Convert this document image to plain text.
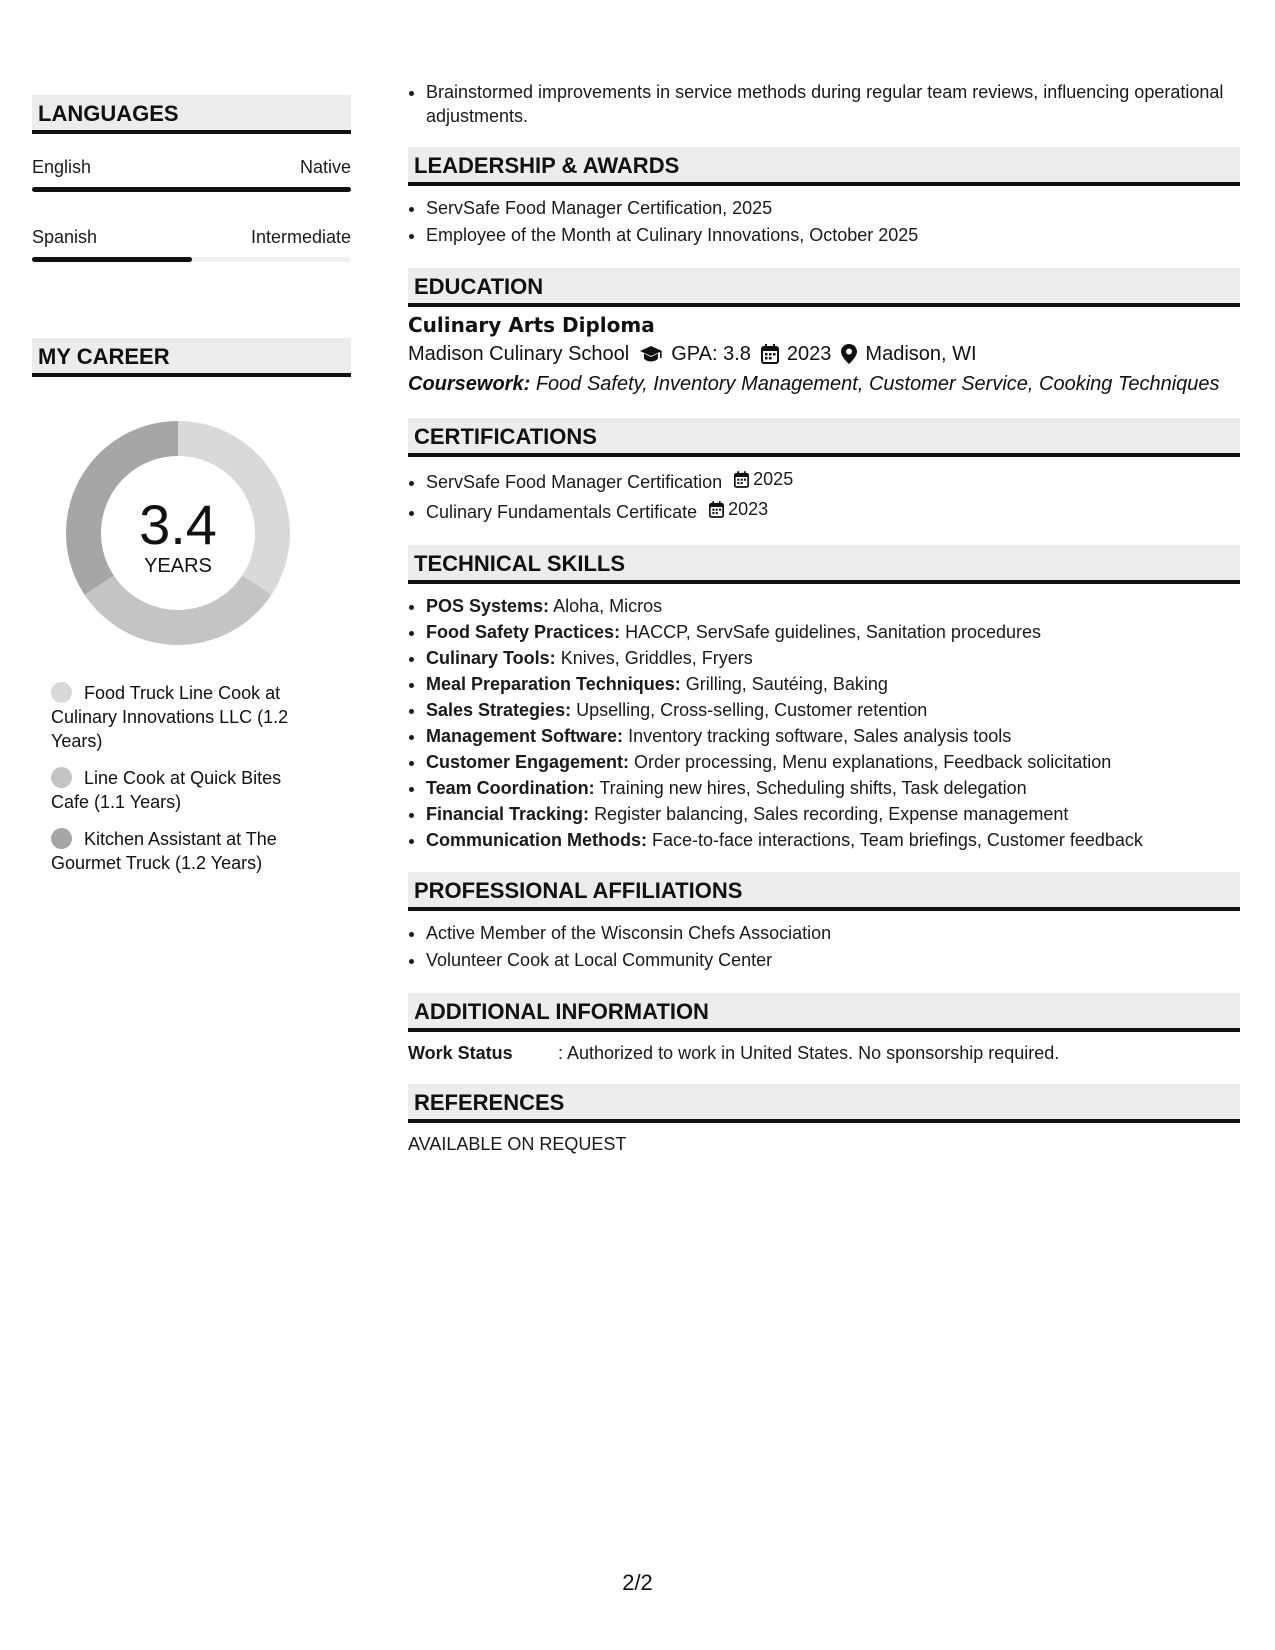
LANGUAGES
English	Native
Spanish	Intermediate
MY CAREER
3.4
YEARS
Food Truck Line Cook at Culinary Innovations LLC (1.2 Years)
Line Cook at Quick Bites Cafe (1.1 Years)
Kitchen Assistant at The Gourmet Truck (1.2 Years)
• Brainstormed improvements in service methods during regular team reviews, influencing operational adjustments.
LEADERSHIP & AWARDS
• ServSafe Food Manager Certification, 2025
• Employee of the Month at Culinary Innovations, October 2025
EDUCATION
Culinary Arts Diploma
Madison Culinary School GPA: 3.8 2023 Madison, WI
Coursework: Food Safety, Inventory Management, Customer Service, Cooking Techniques
CERTIFICATIONS
• ServSafe Food Manager Certification 2025
• Culinary Fundamentals Certificate 2023
TECHNICAL SKILLS
• POS Systems: Aloha, Micros
• Food Safety Practices: HACCP, ServSafe guidelines, Sanitation procedures
• Culinary Tools: Knives, Griddles, Fryers
• Meal Preparation Techniques: Grilling, Sautéing, Baking
• Sales Strategies: Upselling, Cross-selling, Customer retention
• Management Software: Inventory tracking software, Sales analysis tools
• Customer Engagement: Order processing, Menu explanations, Feedback solicitation
• Team Coordination: Training new hires, Scheduling shifts, Task delegation
• Financial Tracking: Register balancing, Sales recording, Expense management
• Communication Methods: Face-to-face interactions, Team briefings, Customer feedback
PROFESSIONAL AFFILIATIONS
• Active Member of the Wisconsin Chefs Association
• Volunteer Cook at Local Community Center
ADDITIONAL INFORMATION
Work Status	: Authorized to work in United States. No sponsorship required.
REFERENCES
AVAILABLE ON REQUEST
2/2
